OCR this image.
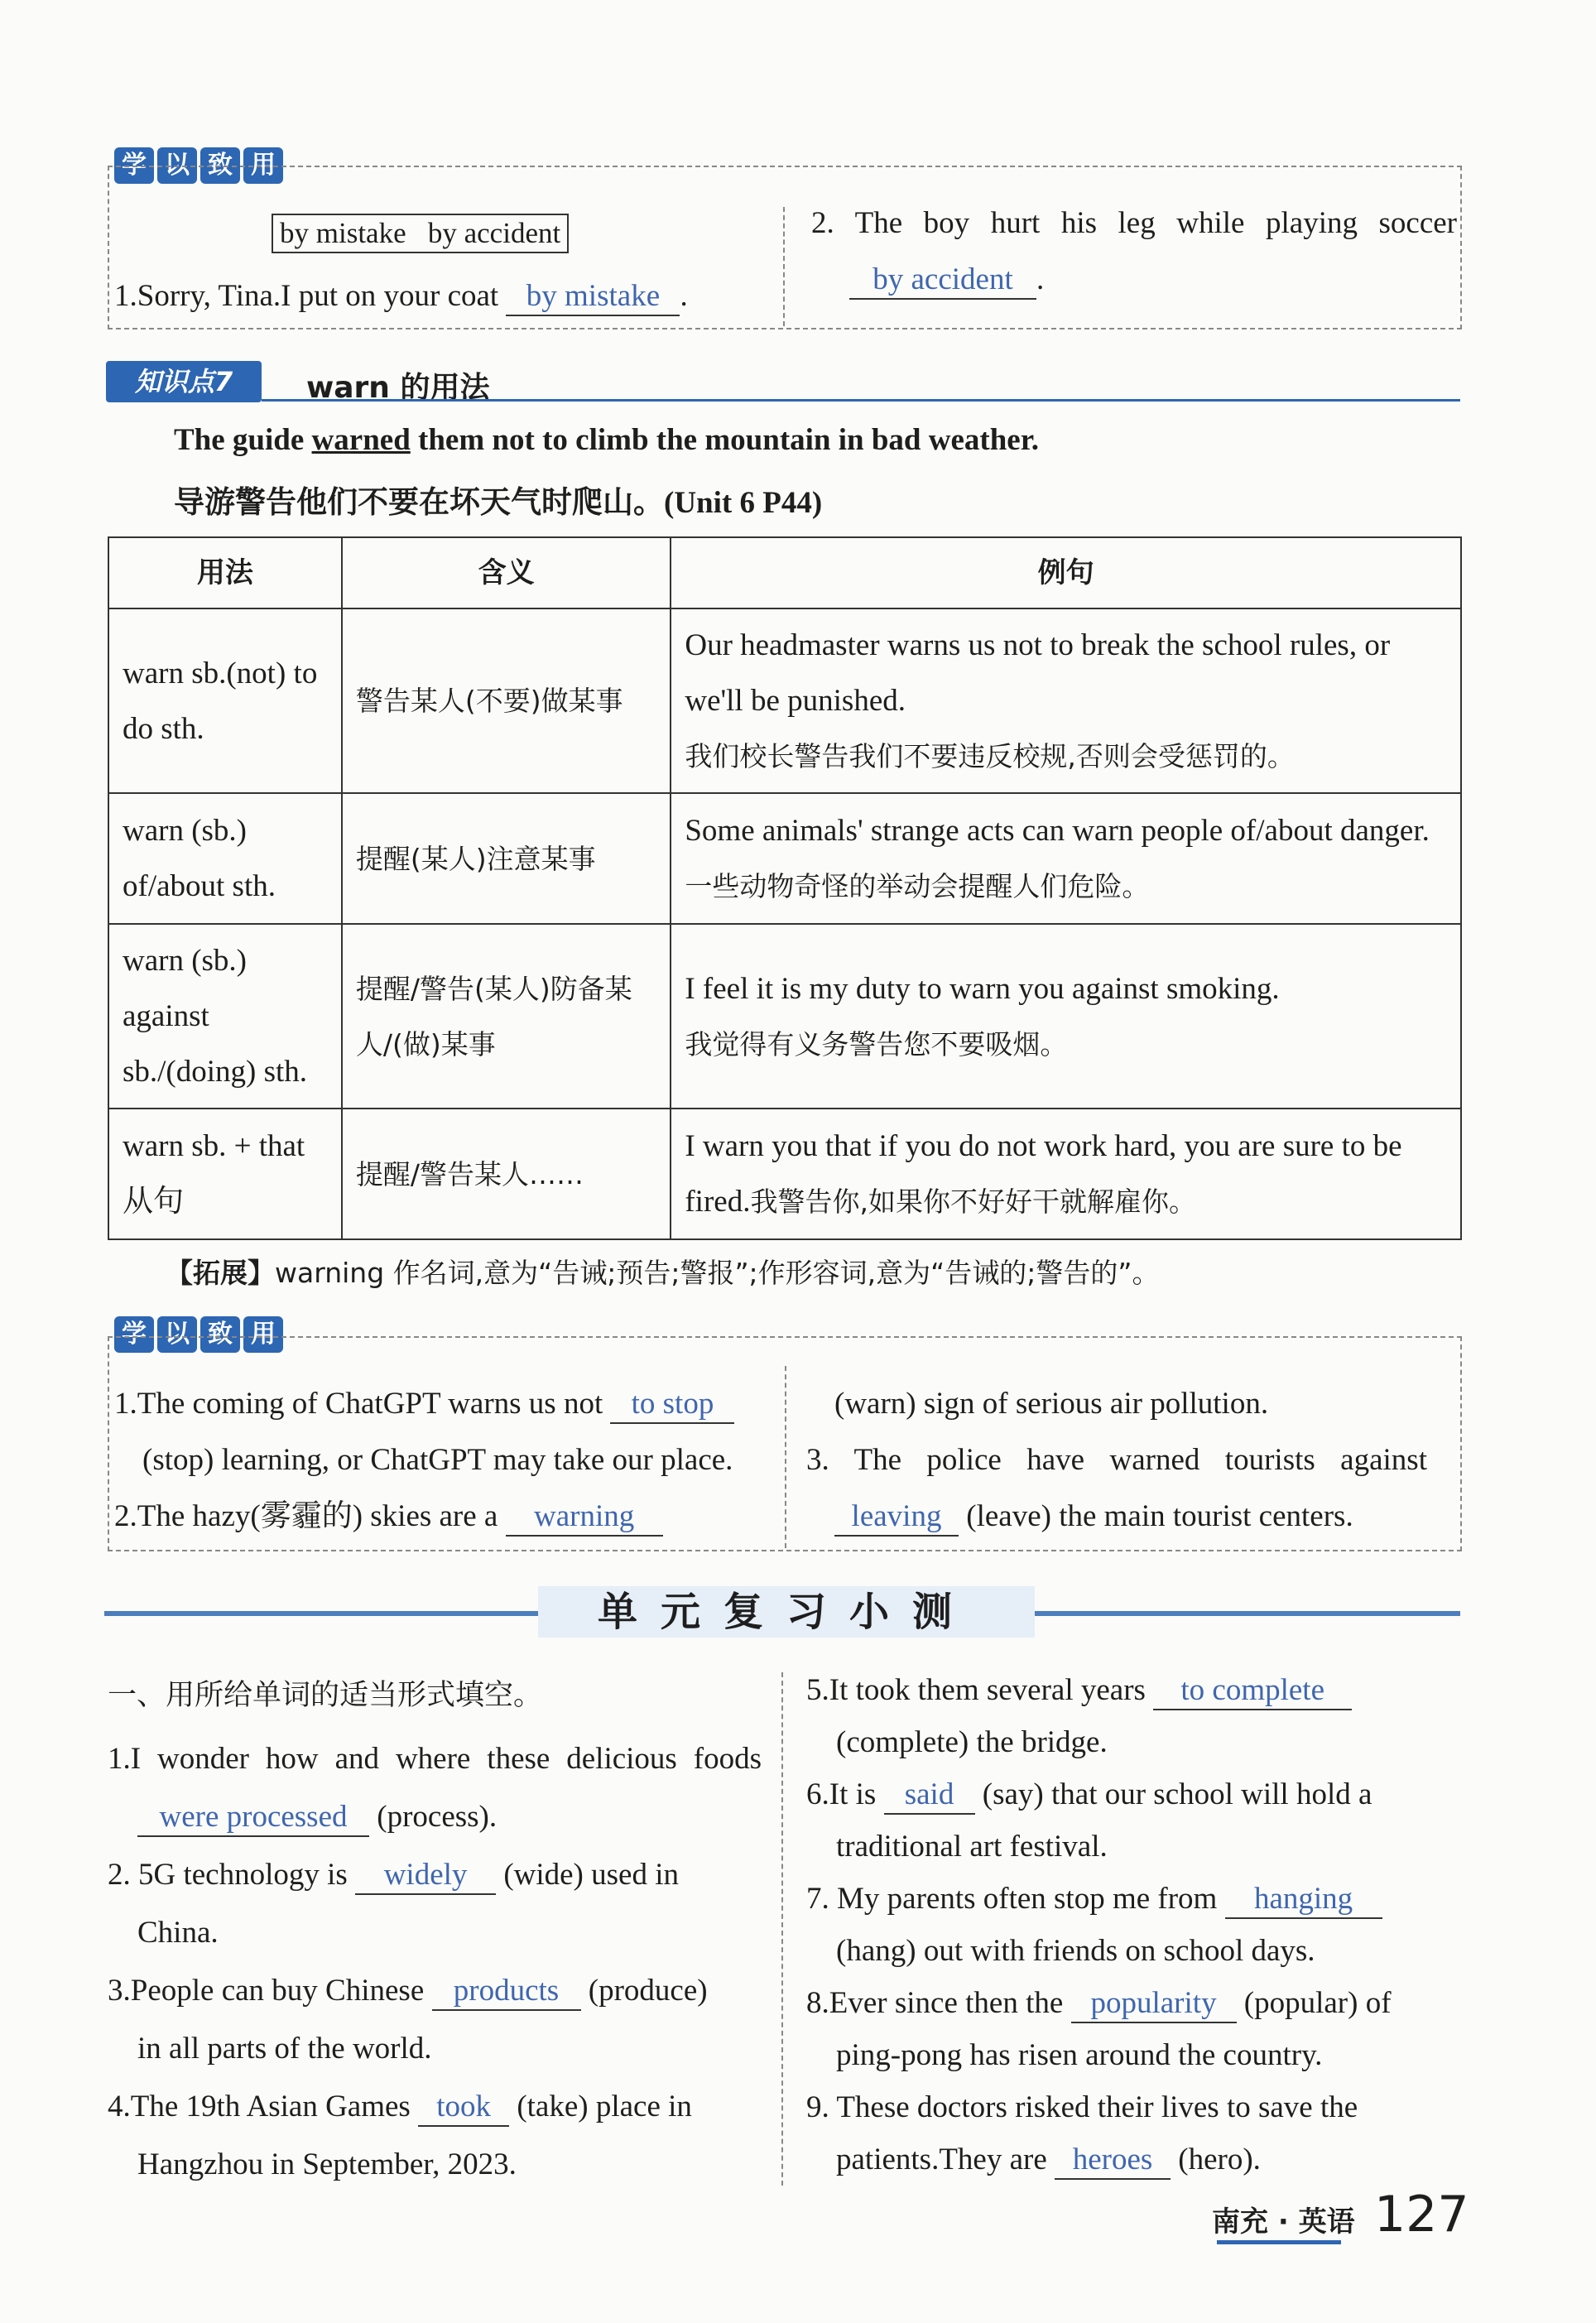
学 以 致 用
by mistake   by accident
1.Sorry, Tina.I put on your coat by mistake .
2. The boy hurt his leg while playing soccer
by accident .
知识点7	warn 的用法
The guide warned them not to climb the mountain in bad weather.
导游警告他们不要在坏天气时爬山。(Unit 6 P44)
用法	含义	例句
warn sb.(not) to do sth.	警告某人(不要)做某事	Our headmaster warns us not to break the school rules, or we'll be punished.
我们校长警告我们不要违反校规,否则会受惩罚的。
warn (sb.) of/about sth.	提醒(某人)注意某事	Some animals' strange acts can warn people of/about danger.一些动物奇怪的举动会提醒人们危险。
warn (sb.) against sb./(doing) sth.	提醒/警告(某人)防备某人/(做)某事	I feel it is my duty to warn you against smoking.
我觉得有义务警告您不要吸烟。
warn sb. + that 从句	提醒/警告某人……	I warn you that if you do not work hard, you are sure to be fired.我警告你,如果你不好好干就解雇你。
【拓展】warning 作名词,意为“告诫;预告;警报”;作形容词,意为“告诫的;警告的”。
学 以 致 用
1.The coming of ChatGPT warns us not to stop
(stop) learning, or ChatGPT may take our place.
2.The hazy(雾霾的) skies are a warning
(warn) sign of serious air pollution.
3. The police have warned tourists against
leaving (leave) the main tourist centers.
单元复习小测
一、用所给单词的适当形式填空。
1.I wonder how and where these delicious foods
were processed (process).
2. 5G technology is widely (wide) used in
China.
3.People can buy Chinese products (produce)
in all parts of the world.
4.The 19th Asian Games took (take) place in
Hangzhou in September, 2023.
5.It took them several years to complete
(complete) the bridge.
6.It is said (say) that our school will hold a
traditional art festival.
7. My parents often stop me from hanging
(hang) out with friends on school days.
8.Ever since then the popularity (popular) of
ping-pong has risen around the country.
9. These doctors risked their lives to save the
patients.They are heroes (hero).
南充 · 英语 127
